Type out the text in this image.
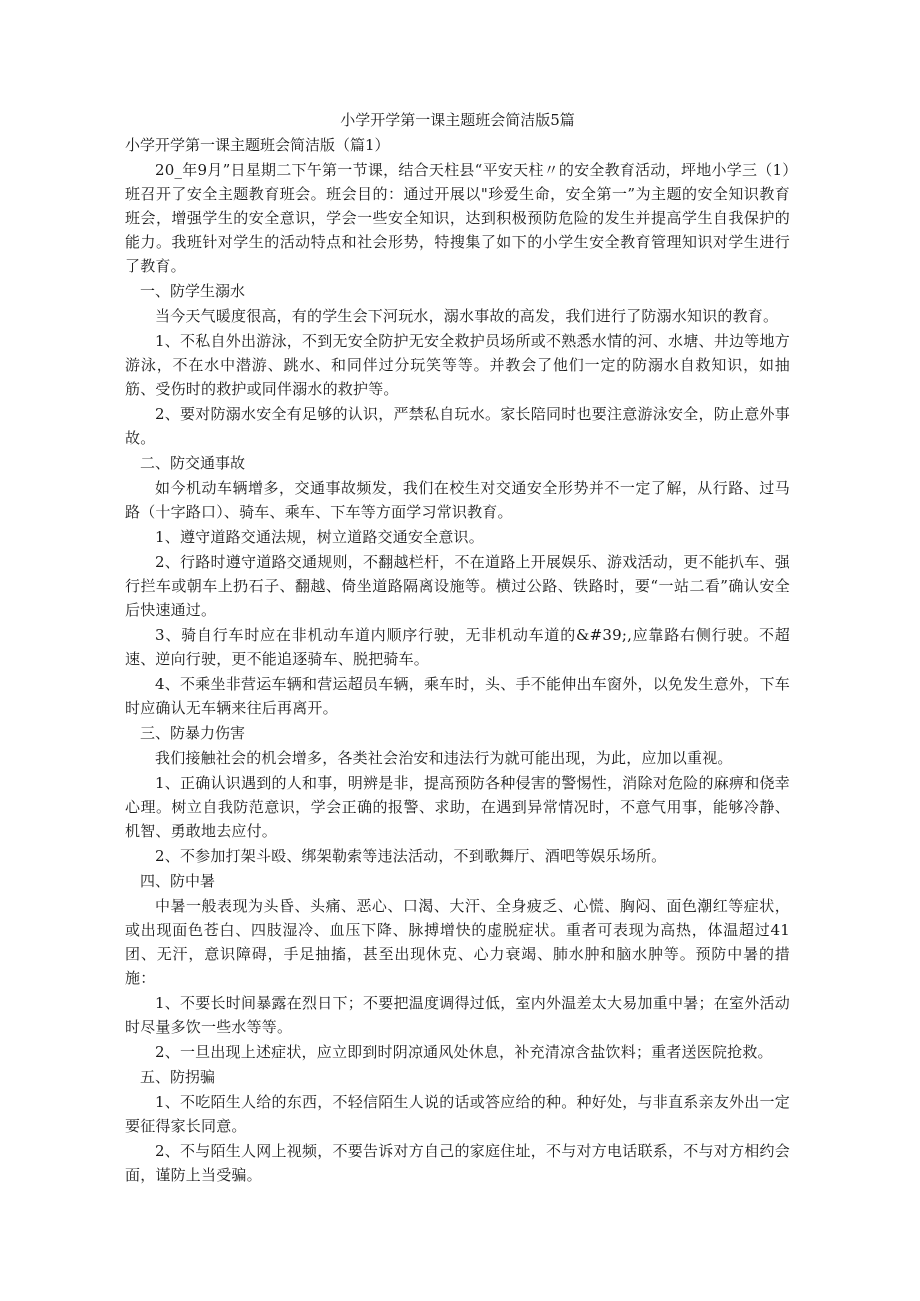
小学开学第一课主题班会简洁版5篇
小学开学第一课主题班会简洁版（篇1）

20_年9月”日星期二下午第一节课，结合天柱县“平安天柱〃的安全教育活动，坪地小学三（1）班召开了安全主题教育班会。班会目的：通过开展以"珍爱生命，安全第一”为主题的安全知识教育班会，增强学生的安全意识，学会一些安全知识，达到积极预防危险的发生并提高学生自我保护的能力。我班针对学生的活动特点和社会形势，特搜集了如下的小学生安全教育管理知识对学生进行了教育。

一、防学生溺水

当今天气暖度很高，有的学生会下河玩水，溺水事故的高发，我们进行了防溺水知识的教育。

1、不私自外出游泳，不到无安全防护无安全救护员场所或不熟悉水情的河、水塘、井边等地方游泳，不在水中潜游、跳水、和同伴过分玩笑等等。并教会了他们一定的防溺水自救知识，如抽筋、受伤时的救护或同伴溺水的救护等。

2、要对防溺水安全有足够的认识，严禁私自玩水。家长陪同时也要注意游泳安全，防止意外事故。

二、防交通事故

如今机动车辆增多，交通事故频发，我们在校生对交通安全形势并不一定了解，从行路、过马路（十字路口）、骑车、乘车、下车等方面学习常识教育。

1、遵守道路交通法规，树立道路交通安全意识。

2、行路时遵守道路交通规则，不翻越栏杆，不在道路上开展娱乐、游戏活动，更不能扒车、强行拦车或朝车上扔石子、翻越、倚坐道路隔离设施等。横过公路、铁路时，要“一站二看”确认安全后快速通过。

3、骑自行车时应在非机动车道内顺序行驶，无非机动车道的&#39;,应靠路右侧行驶。不超速、逆向行驶，更不能追逐骑车、脱把骑车。

4、不乘坐非营运车辆和营运超员车辆，乘车时，头、手不能伸出车窗外，以免发生意外，下车时应确认无车辆来往后再离开。

三、防暴力伤害

我们接触社会的机会增多，各类社会治安和违法行为就可能出现，为此，应加以重视。

1、正确认识遇到的人和事，明辨是非，提高预防各种侵害的警惕性，消除对危险的麻痹和侥幸心理。树立自我防范意识，学会正确的报警、求助，在遇到异常情况时，不意气用事，能够冷静、机智、勇敢地去应付。

2、不参加打架斗殴、绑架勒索等违法活动，不到歌舞厅、酒吧等娱乐场所。

四、防中暑

中暑一般表现为头昏、头痛、恶心、口渴、大汗、全身疲乏、心慌、胸闷、面色潮红等症状，或出现面色苍白、四肢湿冷、血压下降、脉搏增快的虚脱症状。重者可表现为高热，体温超过41团、无汗，意识障碍，手足抽搐，甚至出现休克、心力衰竭、肺水肿和脑水肿等。预防中暑的措施：

1、不要长时间暴露在烈日下；不要把温度调得过低，室内外温差太大易加重中暑；在室外活动时尽量多饮一些水等等。

2、一旦出现上述症状，应立即到时阴凉通风处休息，补充清凉含盐饮料；重者送医院抢救。

五、防拐骗

1、不吃陌生人给的东西，不轻信陌生人说的话或答应给的种。种好处，与非直系亲友外出一定要征得家长同意。

2、不与陌生人网上视频，不要告诉对方自己的家庭住址，不与对方电话联系，不与对方相约会面，谨防上当受骗。
